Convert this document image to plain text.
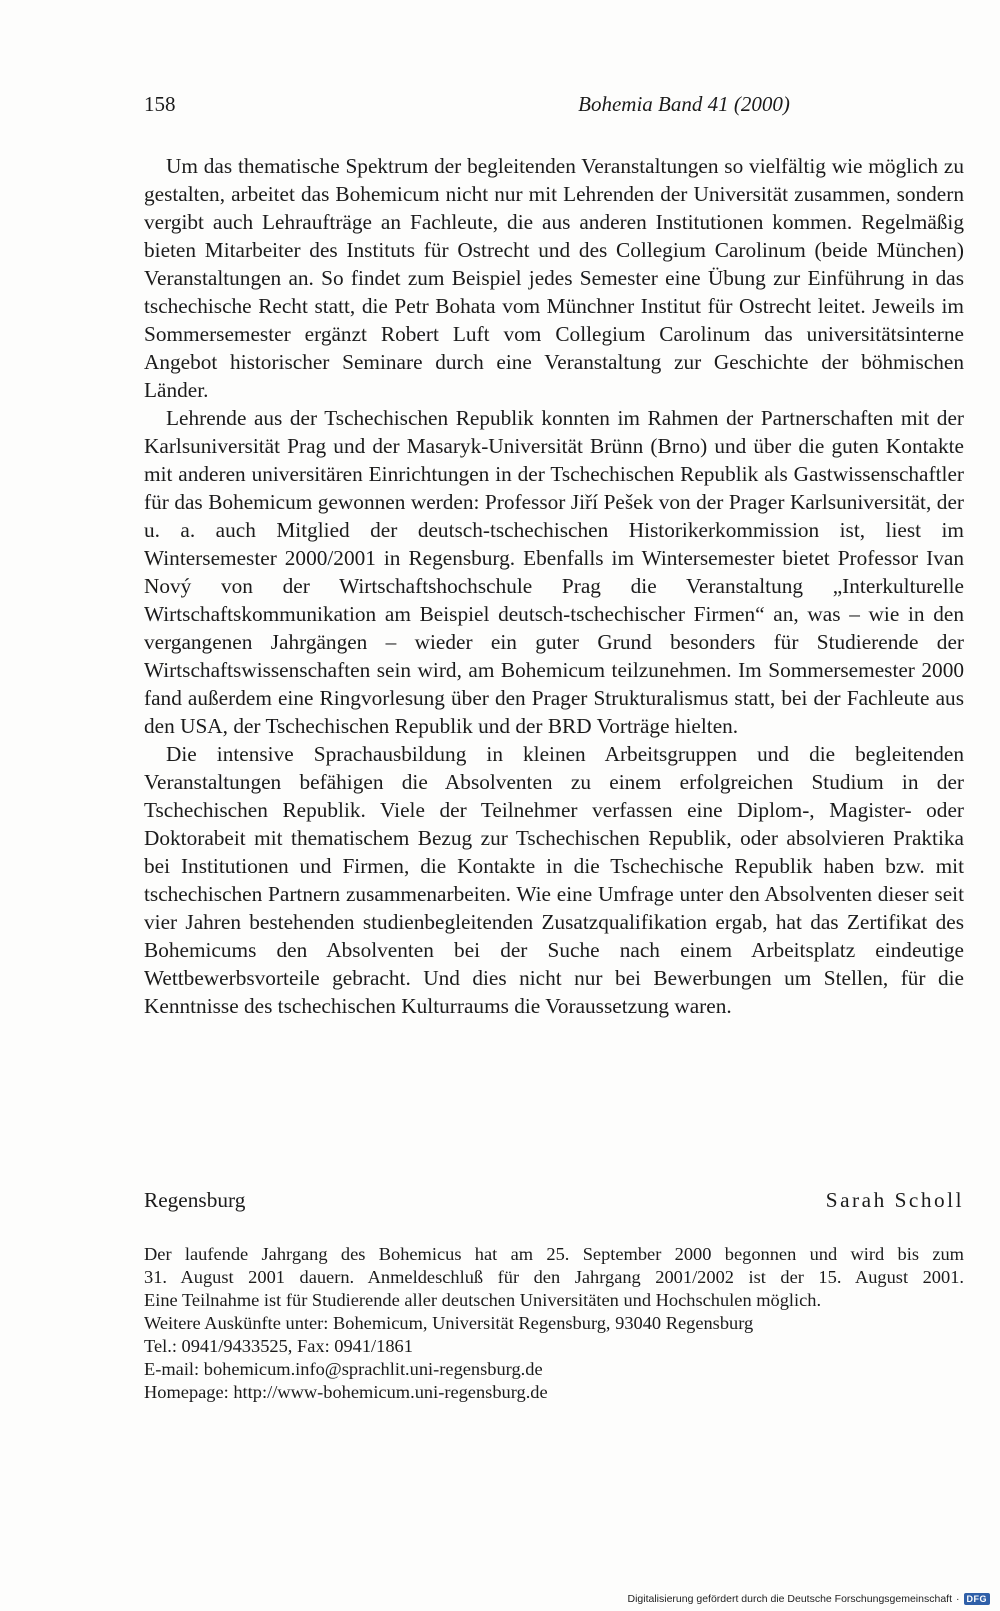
158	Bohemia Band 41 (2000)

Um das thematische Spektrum der begleitenden Veranstaltungen so vielfältig wie möglich zu gestalten, arbeitet das Bohemicum nicht nur mit Lehrenden der Universität zusammen, sondern vergibt auch Lehraufträge an Fachleute, die aus anderen Institutionen kommen. Regelmäßig bieten Mitarbeiter des Instituts für Ostrecht und des Collegium Carolinum (beide München) Veranstaltungen an. So findet zum Beispiel jedes Semester eine Übung zur Einführung in das tschechische Recht statt, die Petr Bohata vom Münchner Institut für Ostrecht leitet. Jeweils im Sommersemester ergänzt Robert Luft vom Collegium Carolinum das universitätsinterne Angebot historischer Seminare durch eine Veranstaltung zur Geschichte der böhmischen Länder.

Lehrende aus der Tschechischen Republik konnten im Rahmen der Partnerschaften mit der Karlsuniversität Prag und der Masaryk-Universität Brünn (Brno) und über die guten Kontakte mit anderen universitären Einrichtungen in der Tschechischen Republik als Gastwissenschaftler für das Bohemicum gewonnen werden: Professor Jiří Pešek von der Prager Karlsuniversität, der u. a. auch Mitglied der deutsch-tschechischen Historikerkommission ist, liest im Wintersemester 2000/2001 in Regensburg. Ebenfalls im Wintersemester bietet Professor Ivan Nový von der Wirtschaftshochschule Prag die Veranstaltung „Interkulturelle Wirtschaftskommunikation am Beispiel deutsch-tschechischer Firmen“ an, was – wie in den vergangenen Jahrgängen – wieder ein guter Grund besonders für Studierende der Wirtschaftswissenschaften sein wird, am Bohemicum teilzunehmen. Im Sommersemester 2000 fand außerdem eine Ringvorlesung über den Prager Strukturalismus statt, bei der Fachleute aus den USA, der Tschechischen Republik und der BRD Vorträge hielten.

Die intensive Sprachausbildung in kleinen Arbeitsgruppen und die begleitenden Veranstaltungen befähigen die Absolventen zu einem erfolgreichen Studium in der Tschechischen Republik. Viele der Teilnehmer verfassen eine Diplom-, Magister- oder Doktorabeit mit thematischem Bezug zur Tschechischen Republik, oder absolvieren Praktika bei Institutionen und Firmen, die Kontakte in die Tschechische Republik haben bzw. mit tschechischen Partnern zusammenarbeiten. Wie eine Umfrage unter den Absolventen dieser seit vier Jahren bestehenden studienbegleitenden Zusatzqualifikation ergab, hat das Zertifikat des Bohemicums den Absolventen bei der Suche nach einem Arbeitsplatz eindeutige Wettbewerbsvorteile gebracht. Und dies nicht nur bei Bewerbungen um Stellen, für die Kenntnisse des tschechischen Kulturraums die Voraussetzung waren.

Regensburg	Sarah Scholl
Der laufende Jahrgang des Bohemicus hat am 25. September 2000 begonnen und wird bis zum
31. August 2001 dauern. Anmeldeschluß für den Jahrgang 2001/2002 ist der 15. August 2001.
Eine Teilnahme ist für Studierende aller deutschen Universitäten und Hochschulen möglich.
Weitere Auskünfte unter: Bohemicum, Universität Regensburg, 93040 Regensburg
Tel.: 0941/9433525, Fax: 0941/1861
E-mail: bohemicum.info@sprachlit.uni-regensburg.de
Homepage: http://www-bohemicum.uni-regensburg.de
Digitalisierung gefördert durch die Deutsche Forschungsgemeinschaft · DFG
